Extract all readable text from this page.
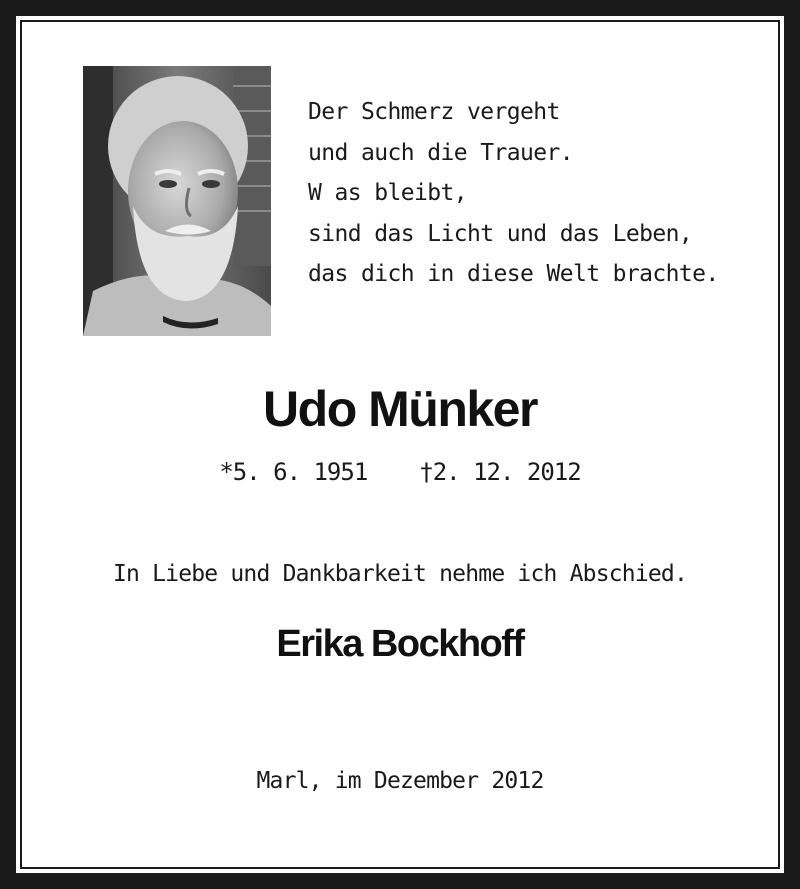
Der Schmerz vergeht
und auch die Trauer.
W as bleibt,
sind das Licht und das Leben,
das dich in diese Welt brachte.
Udo Münker
*5. 6. 1951 †2. 12. 2012
In Liebe und Dankbarkeit nehme ich Abschied.
Erika Bockhoff
Marl, im Dezember 2012
